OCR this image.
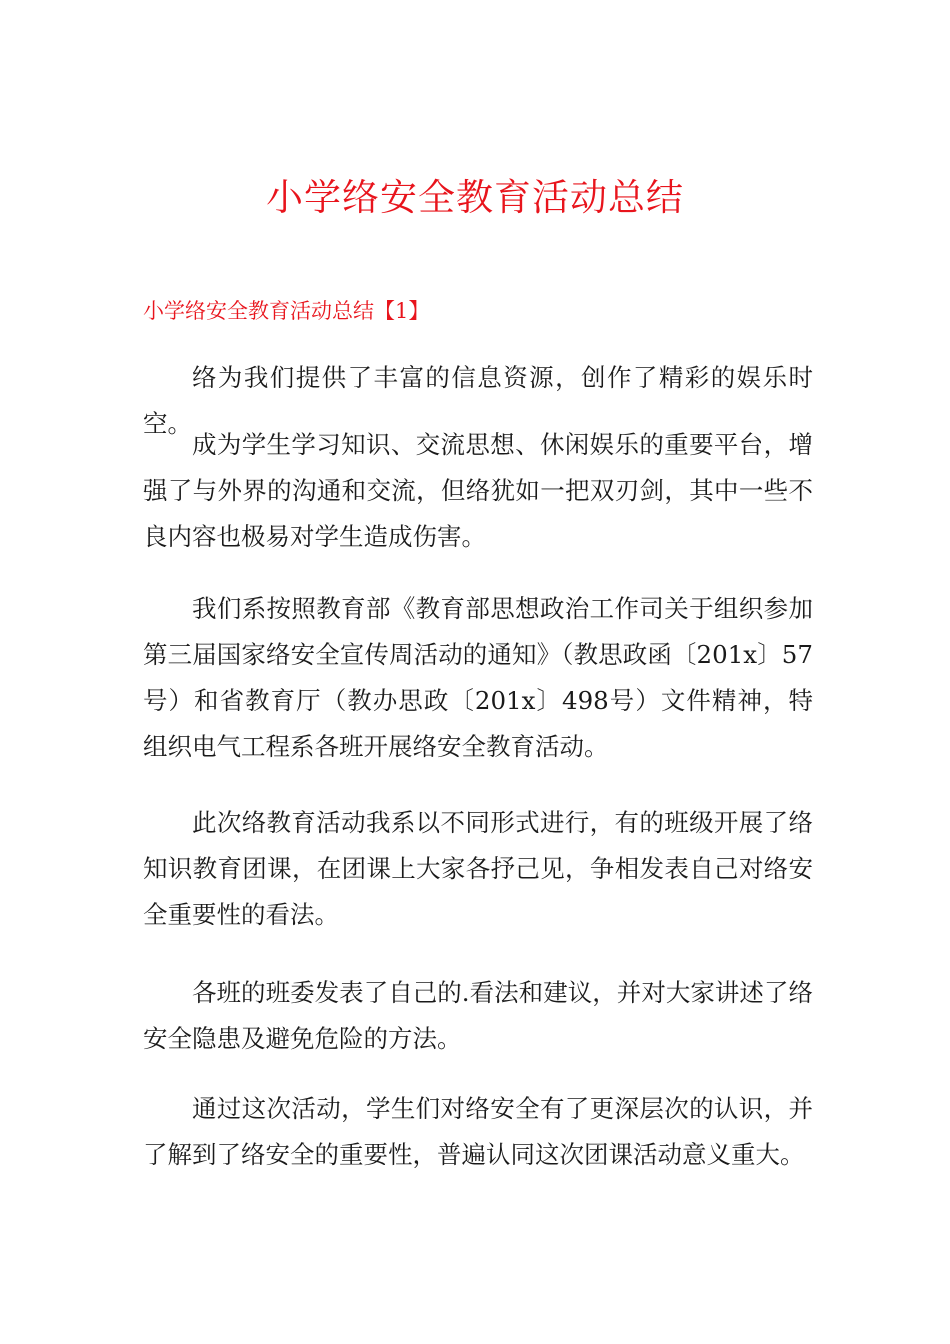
小学络安全教育活动总结
小学络安全教育活动总结【1】

络为我们提供了丰富的信息资源，创作了精彩的娱乐时空。

成为学生学习知识、交流思想、休闲娱乐的重要平台，增强了与外界的沟通和交流，但络犹如一把双刃剑，其中一些不良内容也极易对学生造成伤害。

我们系按照教育部《教育部思想政治工作司关于组织参加第三届国家络安全宣传周活动的通知》（教思政函〔201x〕57号）和省教育厅（教办思政〔201x〕498号）文件精神，特组织电气工程系各班开展络安全教育活动。

此次络教育活动我系以不同形式进行，有的班级开展了络知识教育团课，在团课上大家各抒己见，争相发表自己对络安全重要性的看法。

各班的班委发表了自己的.看法和建议，并对大家讲述了络安全隐患及避免危险的方法。

通过这次活动，学生们对络安全有了更深层次的认识，并了解到了络安全的重要性，普遍认同这次团课活动意义重大。
